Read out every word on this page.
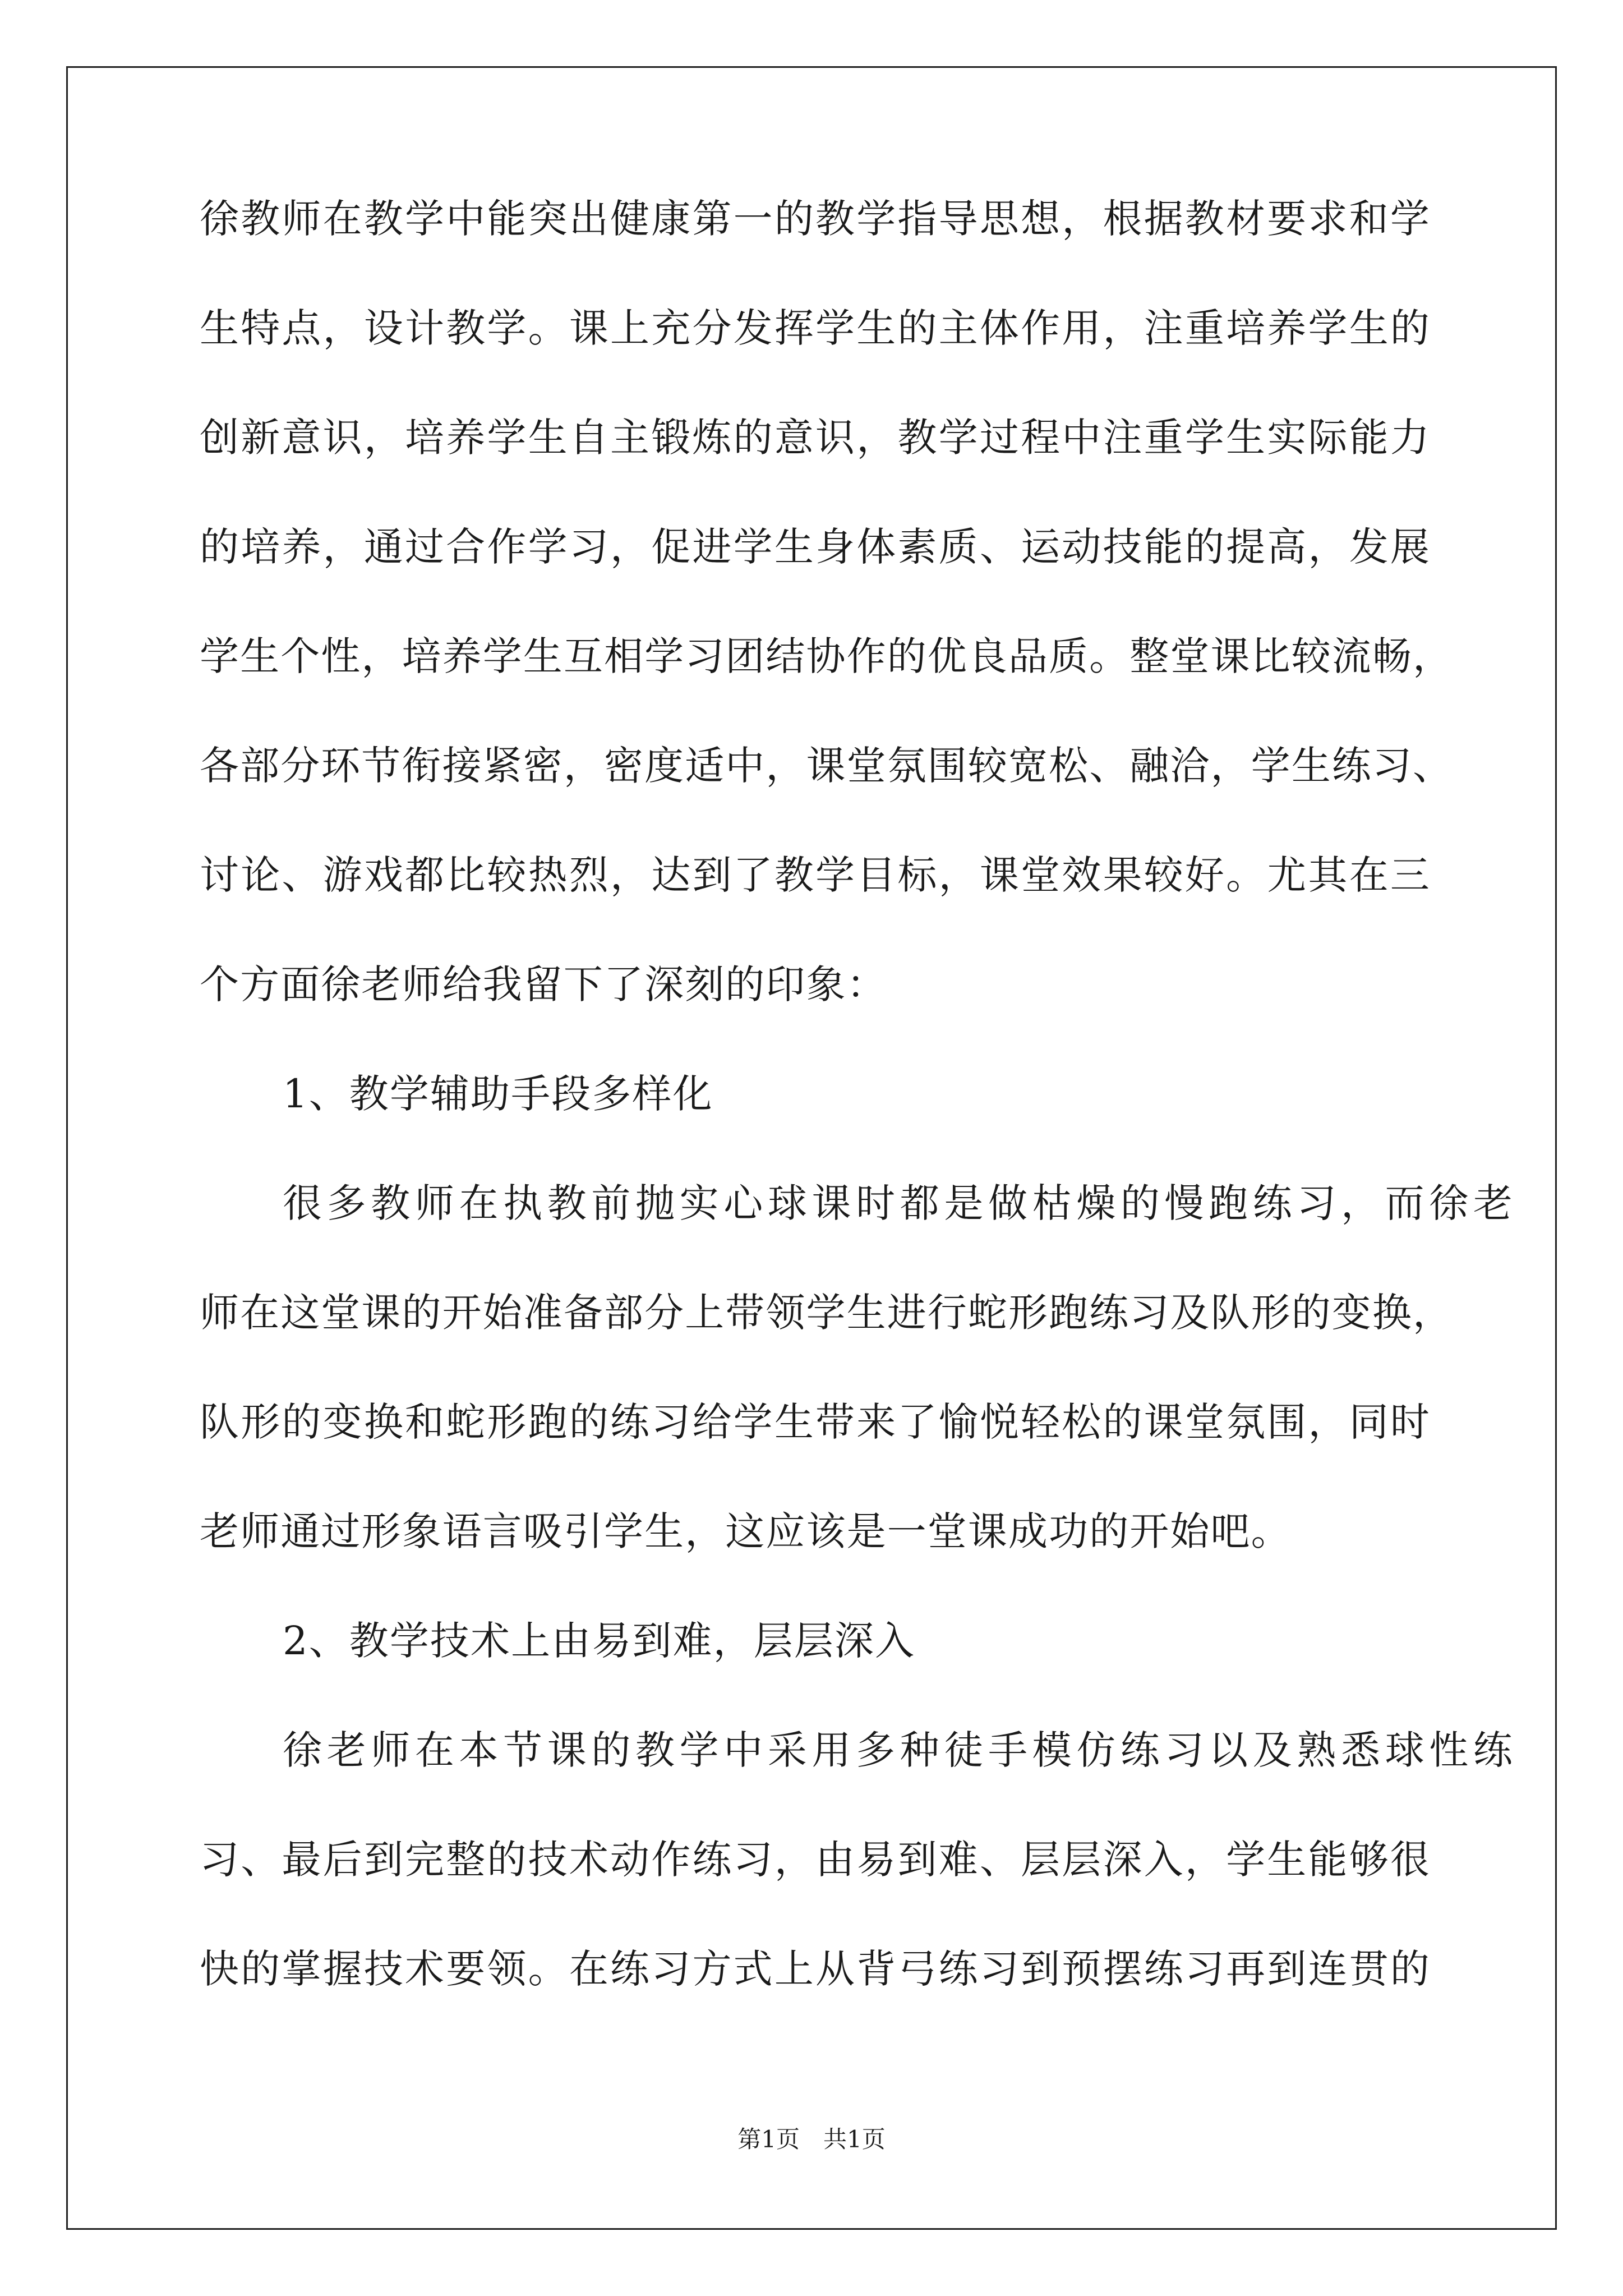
徐教师在教学中能突出健康第一的教学指导思想，根据教材要求和学
生特点，设计教学。课上充分发挥学生的主体作用，注重培养学生的
创新意识，培养学生自主锻炼的意识，教学过程中注重学生实际能力
的培养，通过合作学习，促进学生身体素质、运动技能的提高，发展
学生个性，培养学生互相学习团结协作的优良品质。整堂课比较流畅，
各部分环节衔接紧密，密度适中，课堂氛围较宽松、融洽，学生练习、
讨论、游戏都比较热烈，达到了教学目标，课堂效果较好。尤其在三
个方面徐老师给我留下了深刻的印象：
1、教学辅助手段多样化
很多教师在执教前抛实心球课时都是做枯燥的慢跑练习，而徐老
师在这堂课的开始准备部分上带领学生进行蛇形跑练习及队形的变换，
队形的变换和蛇形跑的练习给学生带来了愉悦轻松的课堂氛围，同时
老师通过形象语言吸引学生，这应该是一堂课成功的开始吧。
2、教学技术上由易到难，层层深入
徐老师在本节课的教学中采用多种徒手模仿练习以及熟悉球性练
习、最后到完整的技术动作练习，由易到难、层层深入，学生能够很
快的掌握技术要领。在练习方式上从背弓练习到预摆练习再到连贯的
第1页　共1页
